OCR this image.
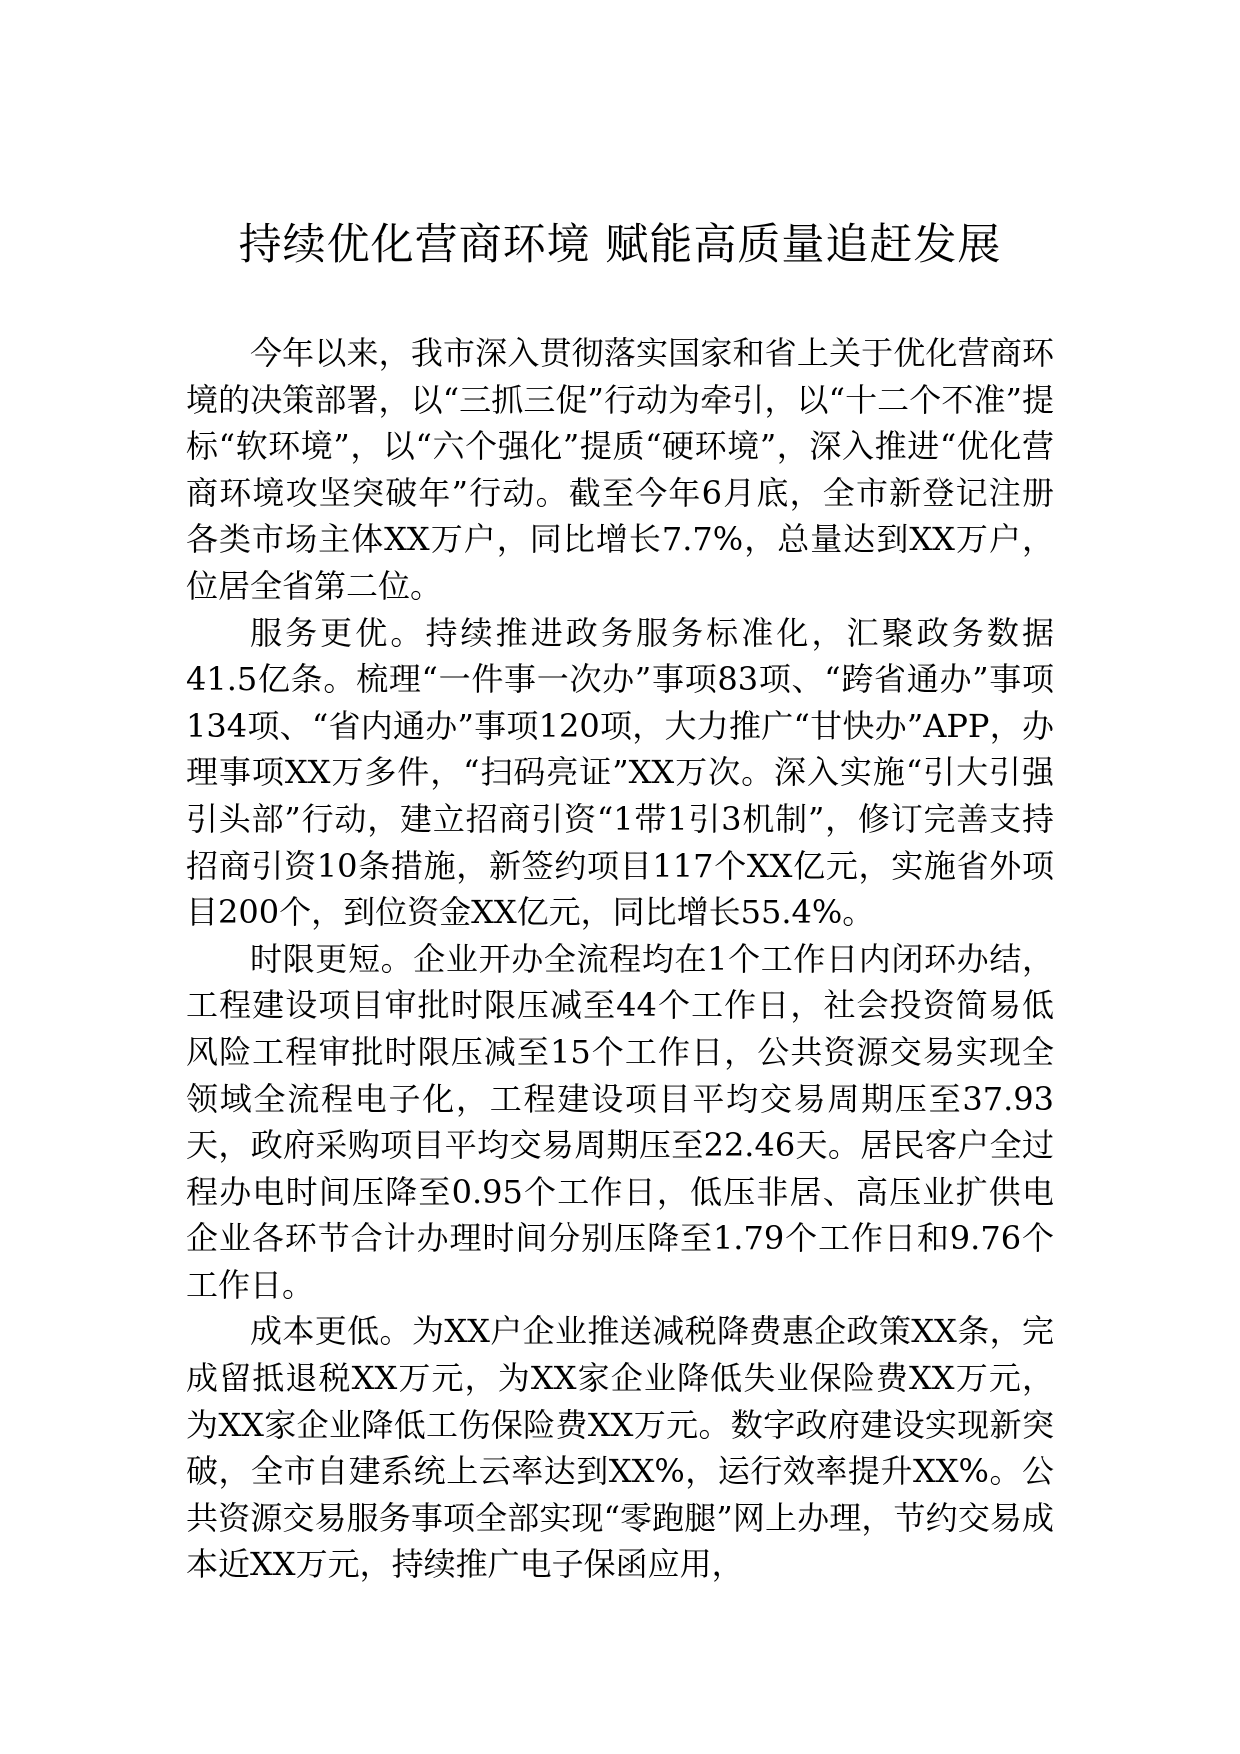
持续优化营商环境 赋能高质量追赶发展

今年以来，我市深入贯彻落实国家和省上关于优化营商环境的决策部署，以“三抓三促”行动为牵引，以“十二个不准”提标“软环境”，以“六个强化”提质“硬环境”，深入推进“优化营商环境攻坚突破年”行动。截至今年6月底，全市新登记注册各类市场主体XX万户，同比增长7.7%，总量达到XX万户，位居全省第二位。

服务更优。持续推进政务服务标准化，汇聚政务数据41.5亿条。梳理“一件事一次办”事项83项、“跨省通办”事项134项、“省内通办”事项120项，大力推广“甘快办”APP，办理事项XX万多件，“扫码亮证”XX万次。深入实施“引大引强引头部”行动，建立招商引资“1带1引3机制”，修订完善支持招商引资10条措施，新签约项目117个XX亿元，实施省外项目200个，到位资金XX亿元，同比增长55.4%。

时限更短。企业开办全流程均在1个工作日内闭环办结，工程建设项目审批时限压减至44个工作日，社会投资简易低风险工程审批时限压减至15个工作日，公共资源交易实现全领域全流程电子化，工程建设项目平均交易周期压至37.93天，政府采购项目平均交易周期压至22.46天。居民客户全过程办电时间压降至0.95个工作日，低压非居、高压业扩供电企业各环节合计办理时间分别压降至1.79个工作日和9.76个工作日。

成本更低。为XX户企业推送减税降费惠企政策XX条，完成留抵退税XX万元，为XX家企业降低失业保险费XX万元，为XX家企业降低工伤保险费XX万元。数字政府建设实现新突破，全市自建系统上云率达到XX%，运行效率提升XX%。公共资源交易服务事项全部实现“零跑腿”网上办理，节约交易成本近XX万元，持续推广电子保函应用，
